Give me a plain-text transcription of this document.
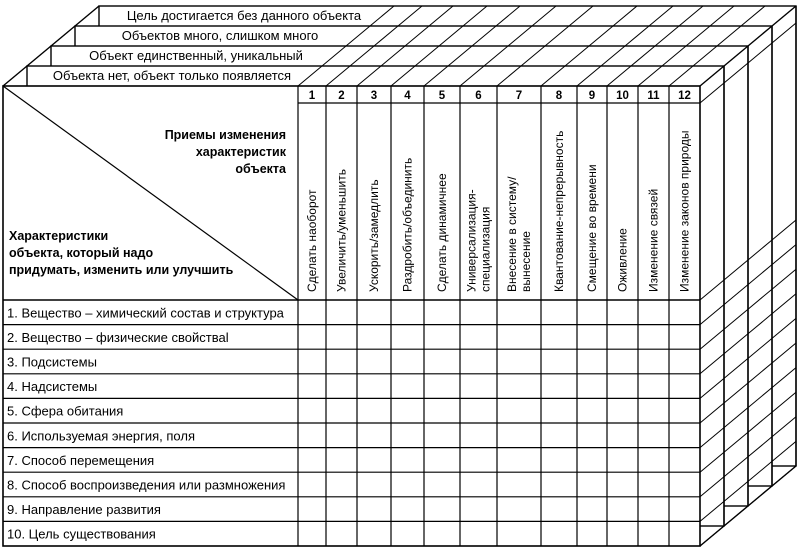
Цель достигается без данного объекта
Объектов много, слишком много
Объект единственный, уникальный
Объекта нет, объект только появляется
Приемы изменения
характеристик
объекта
Характеристики
объекта, который надо
придумать, изменить или улучшить
1
Сделать наоборот
2
Увеличить/уменьшить
3
Ускорить/замедлить
4
Раздробить/объединить
5
Сделать динамичнее
6
Универсализация- специализация
7
Внесение в систему/ вынесение
8
Квантование-непрерывность
9
Смещение во времени
10
Оживление
11
Изменение связей
12
Изменение законов природы
1. Вещество – химический состав и структура
2. Вещество – физические свойстваl
3. Подсистемы
4. Надсистемы
5. Сфера обитания
6. Используемая энергия, поля
7. Способ перемещения
8. Способ воспроизведения или размножения
9. Направление развития
10. Цель существования
